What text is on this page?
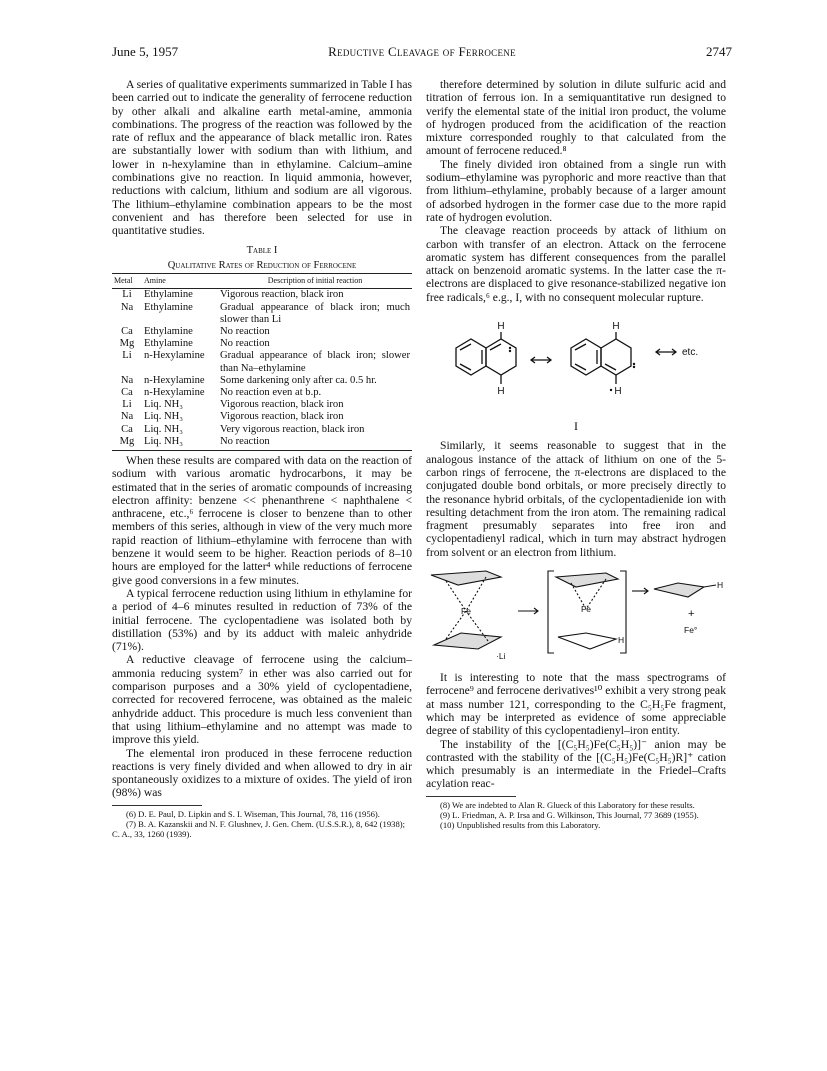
June 5, 1957	Reductive Cleavage of Ferrocene	2747

A series of qualitative experiments summarized in Table I has been carried out to indicate the generality of ferrocene reduction by other alkali and alkaline earth metal-amine, ammonia combinations. The progress of the reaction was followed by the rate of reflux and the appearance of black metallic iron. Rates are substantially lower with sodium than with lithium, and lower in n-hexylamine than in ethylamine. Calcium–amine combinations give no reaction. In liquid ammonia, however, reductions with calcium, lithium and sodium are all vigorous. The lithium–ethylamine combination appears to be the most convenient and has therefore been selected for use in quantitative studies.

Table I
Qualitative Rates of Reduction of Ferrocene
Metal	Amine	Description of initial reaction
Li	Ethylamine	Vigorous reaction, black iron
Na	Ethylamine	Gradual appearance of black iron; much slower than Li
Ca	Ethylamine	No reaction
Mg	Ethylamine	No reaction
Li	n-Hexylamine	Gradual appearance of black iron; slower than Na–ethylamine
Na	n-Hexylamine	Some darkening only after ca. 0.5 hr.
Ca	n-Hexylamine	No reaction even at b.p.
Li	Liq. NH₃	Vigorous reaction, black iron
Na	Liq. NH₃	Vigorous reaction, black iron
Ca	Liq. NH₃	Very vigorous reaction, black iron
Mg	Liq. NH₃	No reaction

When these results are compared with data on the reaction of sodium with various aromatic hydrocarbons, it may be estimated that in the series of aromatic compounds of increasing electron affinity: benzene << phenanthrene < naphthalene < anthracene, etc.,⁶ ferrocene is closer to benzene than to other members of this series, although in view of the very much more rapid reaction of lithium–ethylamine with ferrocene than with benzene it would seem to be higher. Reaction periods of 8–10 hours are employed for the latter⁴ while reductions of ferrocene give good conversions in a few minutes.

A typical ferrocene reduction using lithium in ethylamine for a period of 4–6 minutes resulted in reduction of 73% of the initial ferrocene. The cyclopentadiene was isolated both by distillation (53%) and by its adduct with maleic anhydride (71%).

A reductive cleavage of ferrocene using the calcium–ammonia reducing system⁷ in ether was also carried out for comparison purposes and a 30% yield of cyclopentadiene, corrected for recovered ferrocene, was obtained as the maleic anhydride adduct. This procedure is much less convenient than that using lithium–ethylamine and no attempt was made to improve this yield.

The elemental iron produced in these ferrocene reduction reactions is very finely divided and when allowed to dry in air spontaneously oxidizes to a mixture of oxides. The yield of iron (98%) was

(6) D. E. Paul, D. Lipkin and S. I. Wiseman, This Journal, 78, 116 (1956).

(7) B. A. Kazanskii and N. F. Glushnev, J. Gen. Chem. (U.S.S.R.), 8, 642 (1938); C. A., 33, 1260 (1939).

therefore determined by solution in dilute sulfuric acid and titration of ferrous ion. In a semiquantitative run designed to verify the elemental state of the initial iron product, the volume of hydrogen produced from the acidification of the reaction mixture corresponded roughly to that calculated from the amount of ferrocene reduced.⁸

The finely divided iron obtained from a single run with sodium–ethylamine was pyrophoric and more reactive than that from lithium–ethylamine, probably because of a larger amount of adsorbed hydrogen in the former case due to the more rapid rate of hydrogen evolution.

The cleavage reaction proceeds by attack of lithium on carbon with transfer of an electron. Attack on the ferrocene aromatic system has different consequences from the parallel attack on benzenoid aromatic systems. In the latter case the π-electrons are displaced to give resonance-stabilized negative ion free radicals,⁶ e.g., I, with no consequent molecular rupture.

H
H
H
H
etc.
I

Similarly, it seems reasonable to suggest that in the analogous instance of the attack of lithium on one of the 5-carbon rings of ferrocene, the π-electrons are displaced to the conjugated double bond orbitals, or more precisely directly to the resonance hybrid orbitals, of the cyclopentadienide ion with resulting detachment from the iron atom. The remaining radical fragment presumably separates into free iron and cyclopentadienyl radical, which in turn may abstract hydrogen from solvent or an electron from lithium.

Fe	Fe
·Li
H
H
+
Fe°

It is interesting to note that the mass spectrograms of ferrocene⁹ and ferrocene derivatives¹⁰ exhibit a very strong peak at mass number 121, corresponding to the C₅H₅Fe fragment, which may be interpreted as evidence of some appreciable degree of stability of this cyclopentadienyl–iron entity.

The instability of the [(C₅H₅)Fe(C₅H₅)]⁻ anion may be contrasted with the stability of the [(C₅H₅)Fe(C₅H₅)R]⁺ cation which presumably is an intermediate in the Friedel–Crafts acylation reac-

(8) We are indebted to Alan R. Glueck of this Laboratory for these results.

(9) L. Friedman, A. P. Irsa and G. Wilkinson, This Journal, 77 3689 (1955).

(10) Unpublished results from this Laboratory.
